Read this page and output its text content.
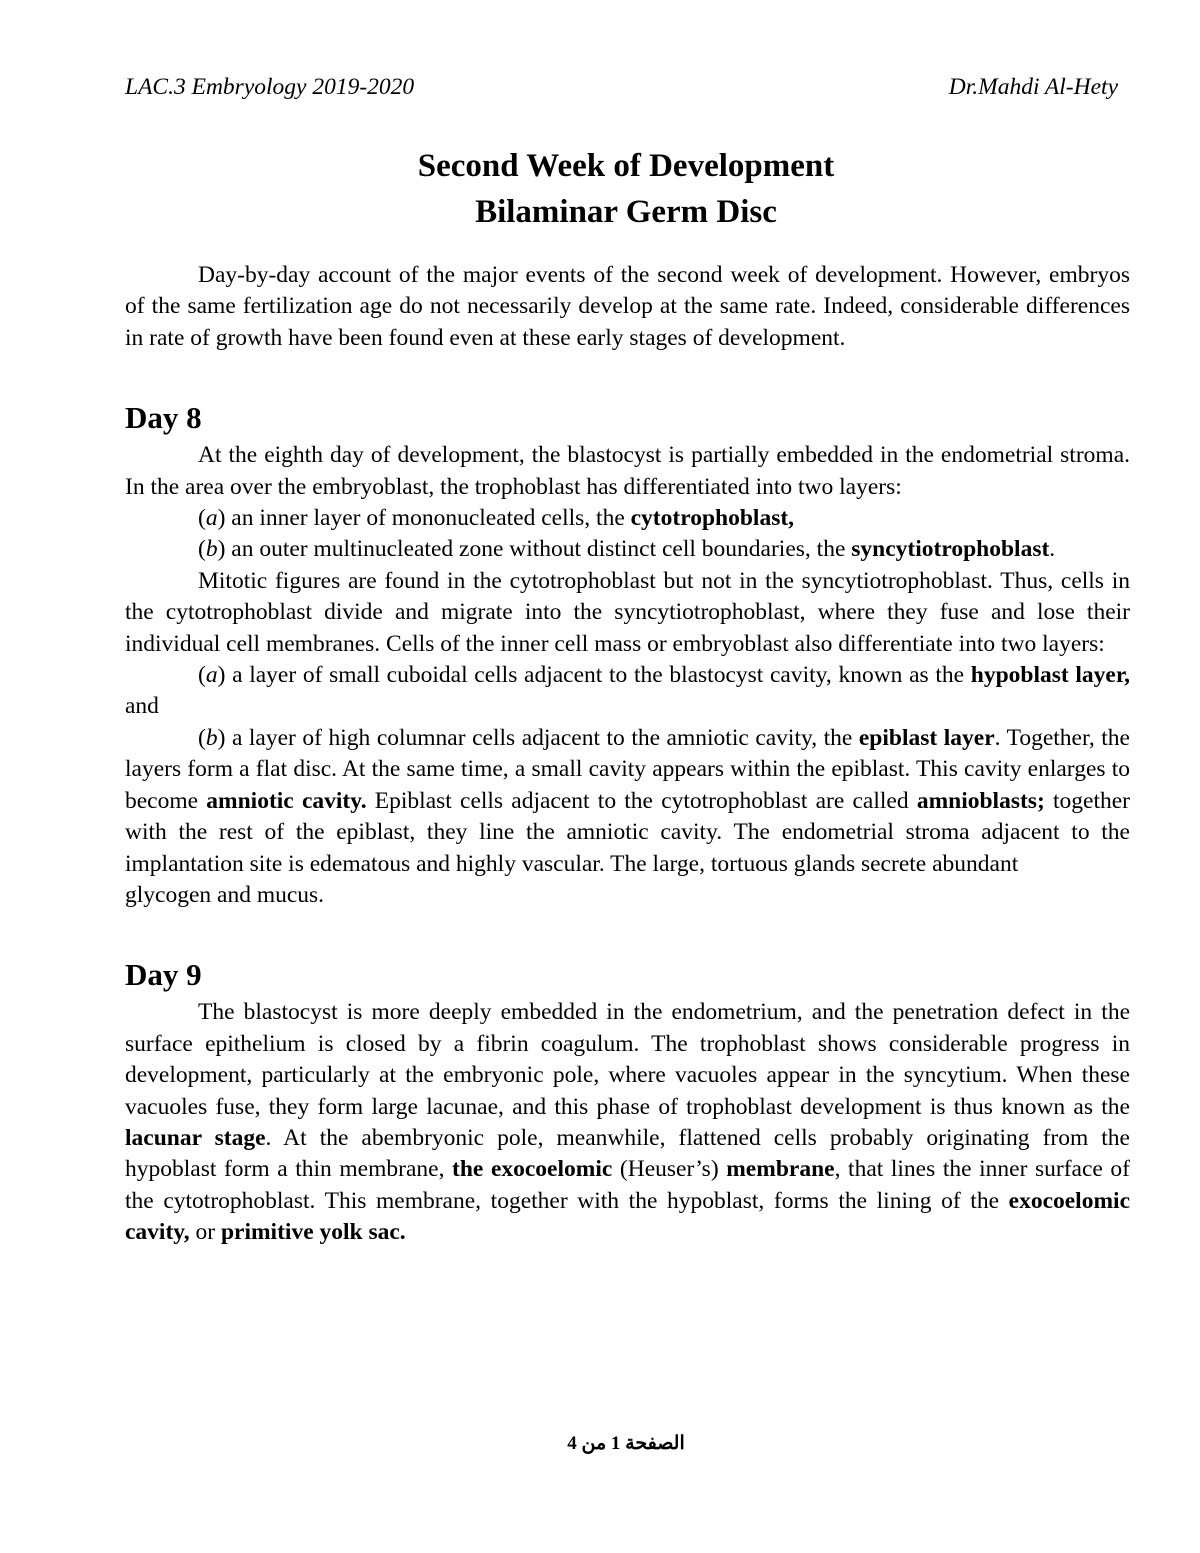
LAC.3 Embryology 2019-2020	Dr.Mahdi Al-Hety
Second Week of Development
Bilaminar Germ Disc

Day-by-day account of the major events of the second week of development. However, embryos of the same fertilization age do not necessarily develop at the same rate. Indeed, considerable differences in rate of growth have been found even at these early stages of development.

Day 8

At the eighth day of development, the blastocyst is partially embedded in the endometrial stroma. In the area over the embryoblast, the trophoblast has differentiated into two layers:

(a) an inner layer of mononucleated cells, the cytotrophoblast,

(b) an outer multinucleated zone without distinct cell boundaries, the syncytiotrophoblast.

Mitotic figures are found in the cytotrophoblast but not in the syncytiotrophoblast. Thus, cells in the cytotrophoblast divide and migrate into the syncytiotrophoblast, where they fuse and lose their individual cell membranes. Cells of the inner cell mass or embryoblast also differentiate into two layers:

(a) a layer of small cuboidal cells adjacent to the blastocyst cavity, known as the hypoblast layer, and

(b) a layer of high columnar cells adjacent to the amniotic cavity, the epiblast layer. Together, the layers form a flat disc. At the same time, a small cavity appears within the epiblast. This cavity enlarges to become amniotic cavity. Epiblast cells adjacent to the cytotrophoblast are called amnioblasts; together with the rest of the epiblast, they line the amniotic cavity. The endometrial stroma adjacent to the implantation site is edematous and highly vascular. The large, tortuous glands secrete abundant

glycogen and mucus.

Day 9

The blastocyst is more deeply embedded in the endometrium, and the penetration defect in the surface epithelium is closed by a fibrin coagulum. The trophoblast shows considerable progress in development, particularly at the embryonic pole, where vacuoles appear in the syncytium. When these vacuoles fuse, they form large lacunae, and this phase of trophoblast development is thus known as the lacunar stage. At the abembryonic pole, meanwhile, flattened cells probably originating from the hypoblast form a thin membrane, the exocoelomic (Heuser’s) membrane, that lines the inner surface of the cytotrophoblast. This membrane, together with the hypoblast, forms the lining of the exocoelomic cavity, or primitive yolk sac.

الصفحة 1 من 4
